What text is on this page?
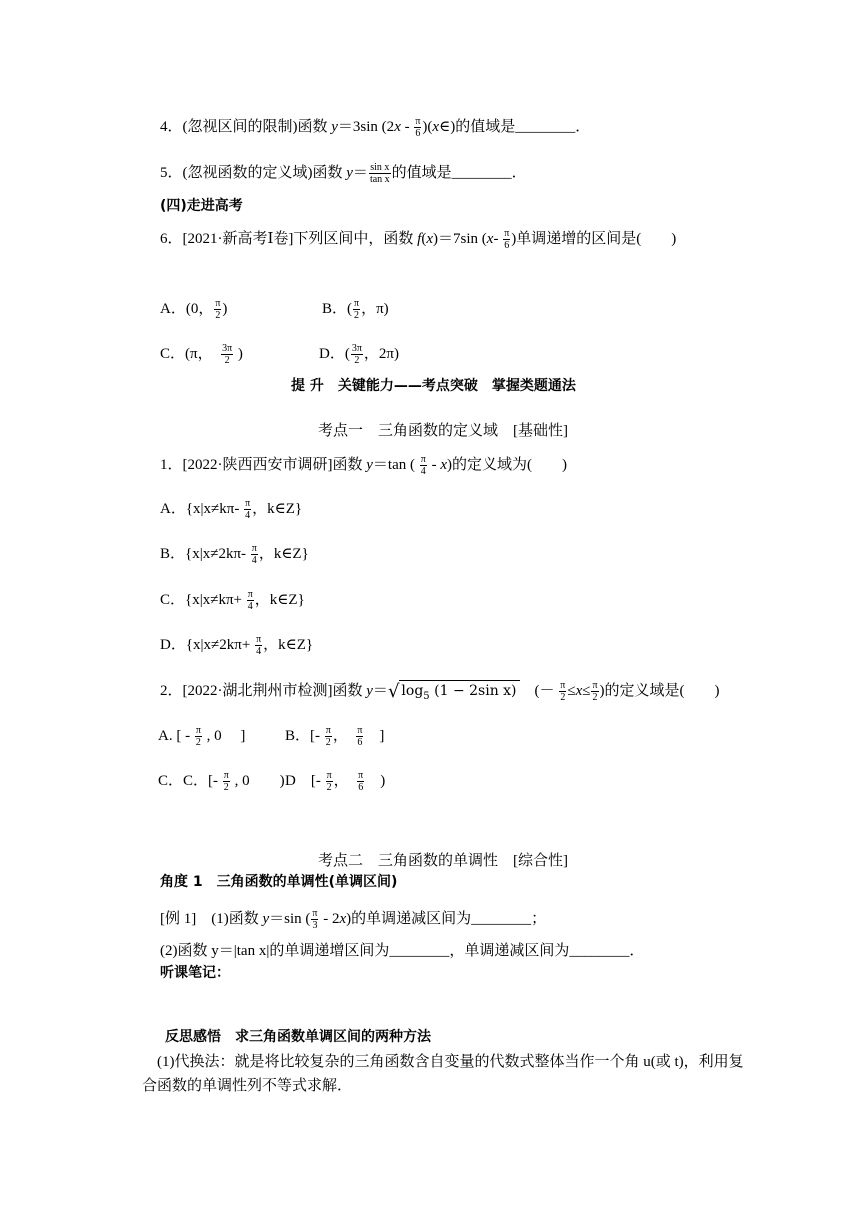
4．(忽视区间的限制)函数 y＝3sin ($2x - \frac{\pi}{6}$ )(x∈)的值域是________．
5．(忽视函数的定义域)函数 $y= \frac{\text{sin x}}{\text{tan x}}$ 的值域是________．
(四)走进高考
6．[2021·新高考Ⅰ卷]下列区间中，函数 f(x)＝7sin ($x- \frac{\pi}{6}$ )单调递增的区间是(　　)
A．(0， $\frac{\pi}{2}$ )	B．( $\frac{\pi}{2}$ ，π)
C．(π，　 $\frac{3\pi}{2}$ )	D．( $\frac{3\pi}{2}$ ，2π)
提 升　关键能力——考点突破　掌握类题通法
考点一　三角函数的定义域　[基础性]
1．[2022·陕西西安市调研]函数 y＝tan ( $\frac{\pi}{4} - x$)的定义域为(　　)
A．{$x|x\ne k\pi- \frac{\pi}{4}$ ，k∈Z}
B．{$x|x\ne 2k\pi- \frac{\pi}{4}$ ，k∈Z}
C．{$x|x\ne k\pi+ \frac{\pi}{4}$ ，k∈Z}
D．{$x|x\ne 2k\pi+ \frac{\pi}{4}$ ，k∈Z}
2．[2022·湖北荆州市检测]函数 y＝√ $\log_5 (1 - 2\sin$ x)　(－ $\frac{\pi}{2} \le x\le \frac{\pi}{2}$ )的定义域是(　　)
A. [ - $\frac{\pi}{2}$ , 0　 ]	B．[- $\frac{\pi}{2}$ ，　 $\frac{\pi}{6}$ 　]
C．C．[- $\frac{\pi}{2}$ , 0　　) D　[- $\frac{\pi}{2}$ ，　 $\frac{\pi}{6}$ 　)
考点二　三角函数的单调性　[综合性]
角度 1　三角函数的单调性(单调区间)
[例 1]　(1)函数 y＝sin ( $\frac{\pi}{3} - 2x$)的单调递减区间为________；
(2)函数 y＝|tan x|的单调递增区间为________，单调递减区间为________．
听课笔记：
反思感悟　求三角函数单调区间的两种方法
(1)代换法：就是将比较复杂的三角函数含自变量的代数式整体当作一个角 u(或 t)，利用复合函数的单调性列不等式求解．
